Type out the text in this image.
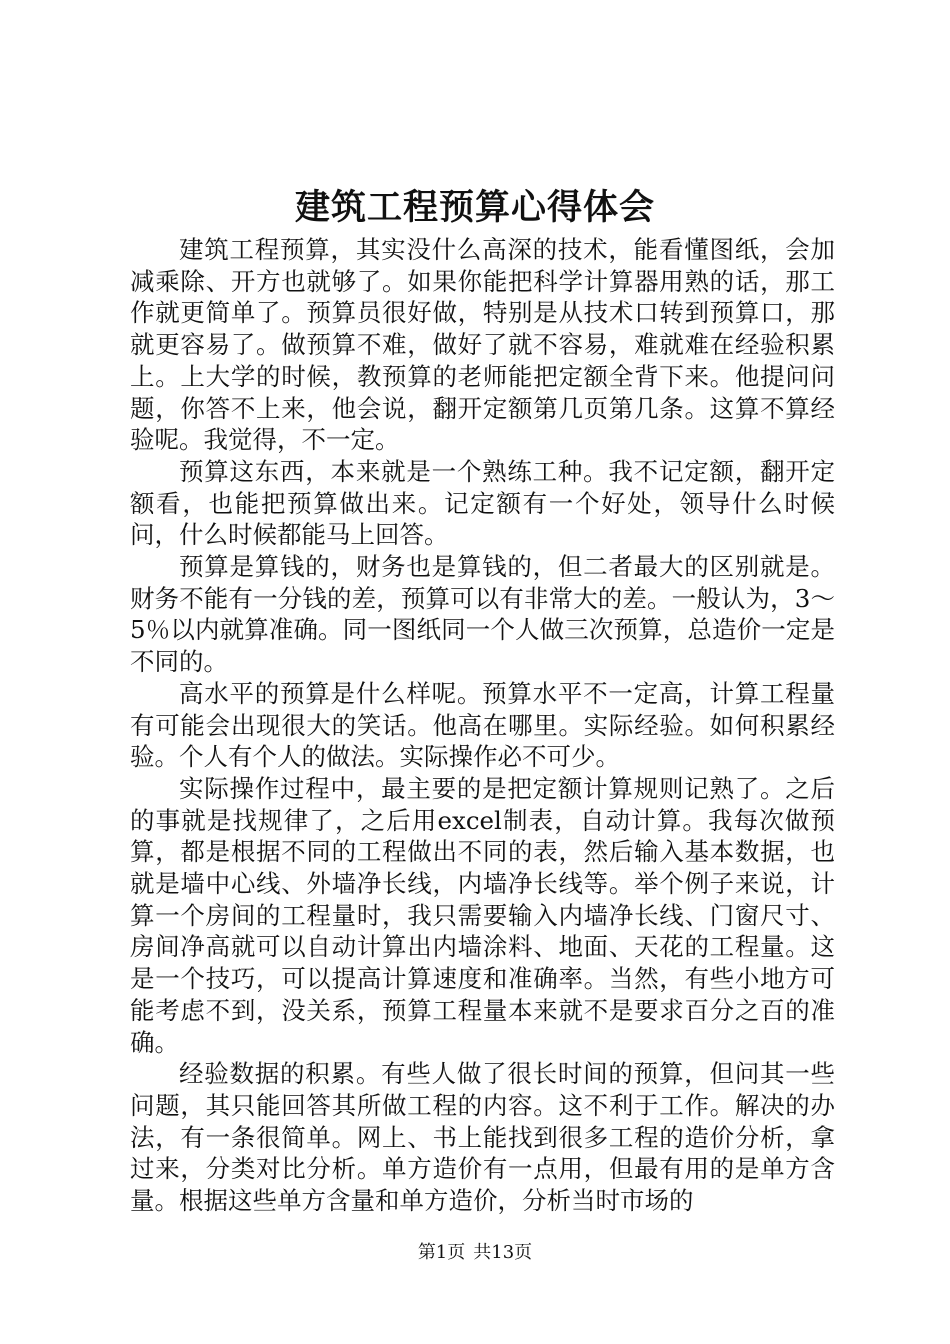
建筑工程预算心得体会

建筑工程预算，其实没什么高深的技术，能看懂图纸，会加减乘除、开方也就够了。如果你能把科学计算器用熟的话，那工作就更简单了。预算员很好做，特别是从技术口转到预算口，那就更容易了。做预算不难，做好了就不容易，难就难在经验积累上。上大学的时候，教预算的老师能把定额全背下来。他提问问题，你答不上来，他会说，翻开定额第几页第几条。这算不算经验呢。我觉得，不一定。

预算这东西，本来就是一个熟练工种。我不记定额，翻开定额看，也能把预算做出来。记定额有一个好处，领导什么时候问，什么时候都能马上回答。

预算是算钱的，财务也是算钱的，但二者最大的区别就是。财务不能有一分钱的差，预算可以有非常大的差。一般认为，3～5％以内就算准确。同一图纸同一个人做三次预算，总造价一定是不同的。

高水平的预算是什么样呢。预算水平不一定高，计算工程量有可能会出现很大的笑话。他高在哪里。实际经验。如何积累经验。个人有个人的做法。实际操作必不可少。

实际操作过程中，最主要的是把定额计算规则记熟了。之后的事就是找规律了，之后用excel制表，自动计算。我每次做预算，都是根据不同的工程做出不同的表，然后输入基本数据，也就是墙中心线、外墙净长线，内墙净长线等。举个例子来说，计算一个房间的工程量时，我只需要输入内墙净长线、门窗尺寸、房间净高就可以自动计算出内墙涂料、地面、天花的工程量。这是一个技巧，可以提高计算速度和准确率。当然，有些小地方可能考虑不到，没关系，预算工程量本来就不是要求百分之百的准确。

经验数据的积累。有些人做了很长时间的预算，但问其一些问题，其只能回答其所做工程的内容。这不利于工作。解决的办法，有一条很简单。网上、书上能找到很多工程的造价分析，拿过来，分类对比分析。单方造价有一点用，但最有用的是单方含量。根据这些单方含量和单方造价，分析当时市场的

第1页 共13页
